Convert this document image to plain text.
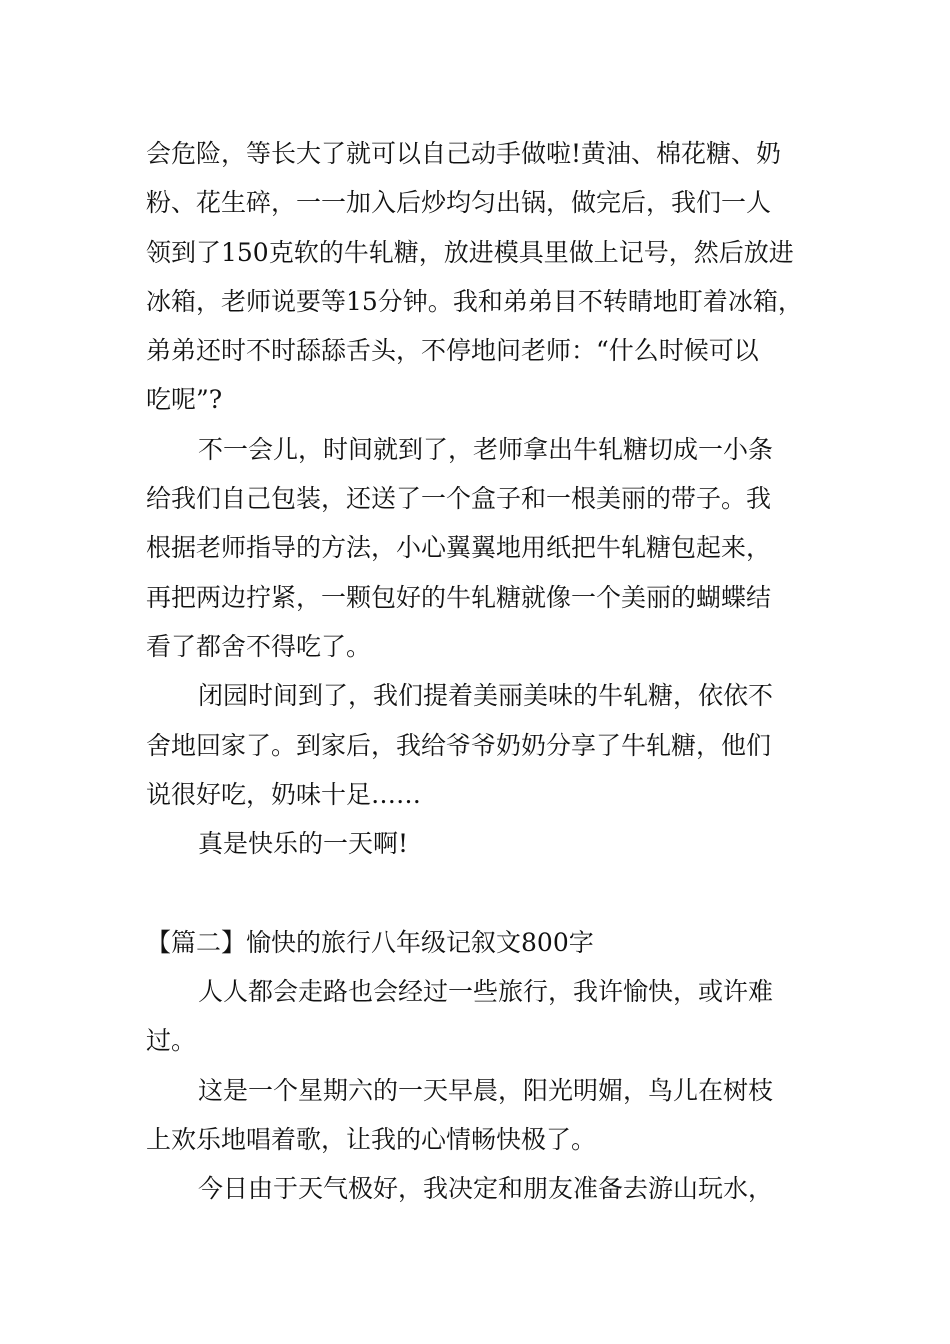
会危险，等长大了就可以自己动手做啦!黄油、棉花糖、奶
粉、花生碎，一一加入后炒均匀出锅，做完后，我们一人
领到了150克软的牛轧糖，放进模具里做上记号，然后放进
冰箱，老师说要等15分钟。我和弟弟目不转睛地盯着冰箱，
弟弟还时不时舔舔舌头，不停地问老师：“什么时候可以
吃呢”?
不一会儿，时间就到了，老师拿出牛轧糖切成一小条
给我们自己包装，还送了一个盒子和一根美丽的带子。我
根据老师指导的方法，小心翼翼地用纸把牛轧糖包起来，
再把两边拧紧，一颗包好的牛轧糖就像一个美丽的蝴蝶结
看了都舍不得吃了。
闭园时间到了，我们提着美丽美味的牛轧糖，依依不
舍地回家了。到家后，我给爷爷奶奶分享了牛轧糖，他们
说很好吃，奶味十足……
真是快乐的一天啊!
【篇二】愉快的旅行八年级记叙文800字
人人都会走路也会经过一些旅行，我许愉快，或许难
过。
这是一个星期六的一天早晨，阳光明媚，鸟儿在树枝
上欢乐地唱着歌，让我的心情畅快极了。
今日由于天气极好，我决定和朋友准备去游山玩水，
